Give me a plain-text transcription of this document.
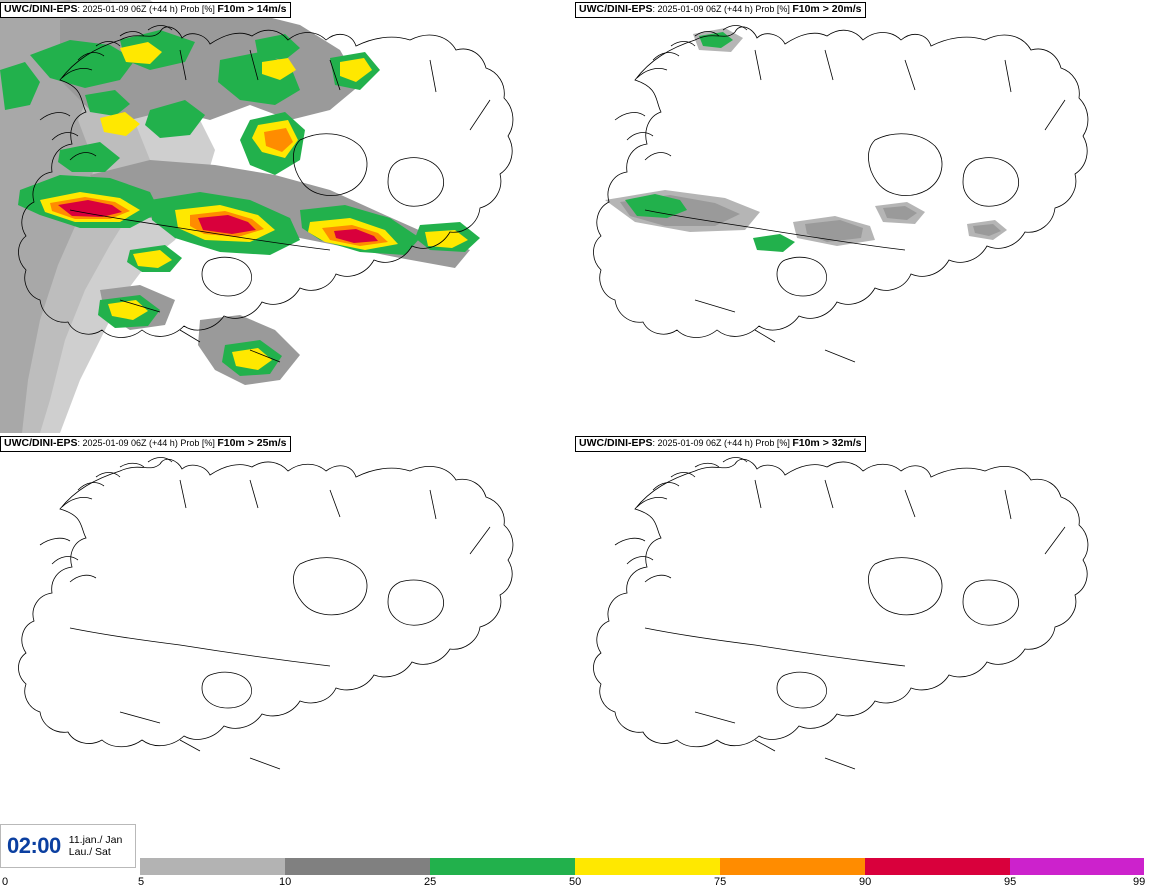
UWC/DINI-EPS: 2025-01-09 06Z (+44 h) Prob [%] F10m > 14m/s	UWC/DINI-EPS: 2025-01-09 06Z (+44 h) Prob [%] F10m > 20m/s
UWC/DINI-EPS: 2025-01-09 06Z (+44 h) Prob [%] F10m > 25m/s	UWC/DINI-EPS: 2025-01-09 06Z (+44 h) Prob [%] F10m > 32m/s
02:00 11.jan./ Jan
Lau./ Sat
0	5	10	25	50	75	90	95	99
